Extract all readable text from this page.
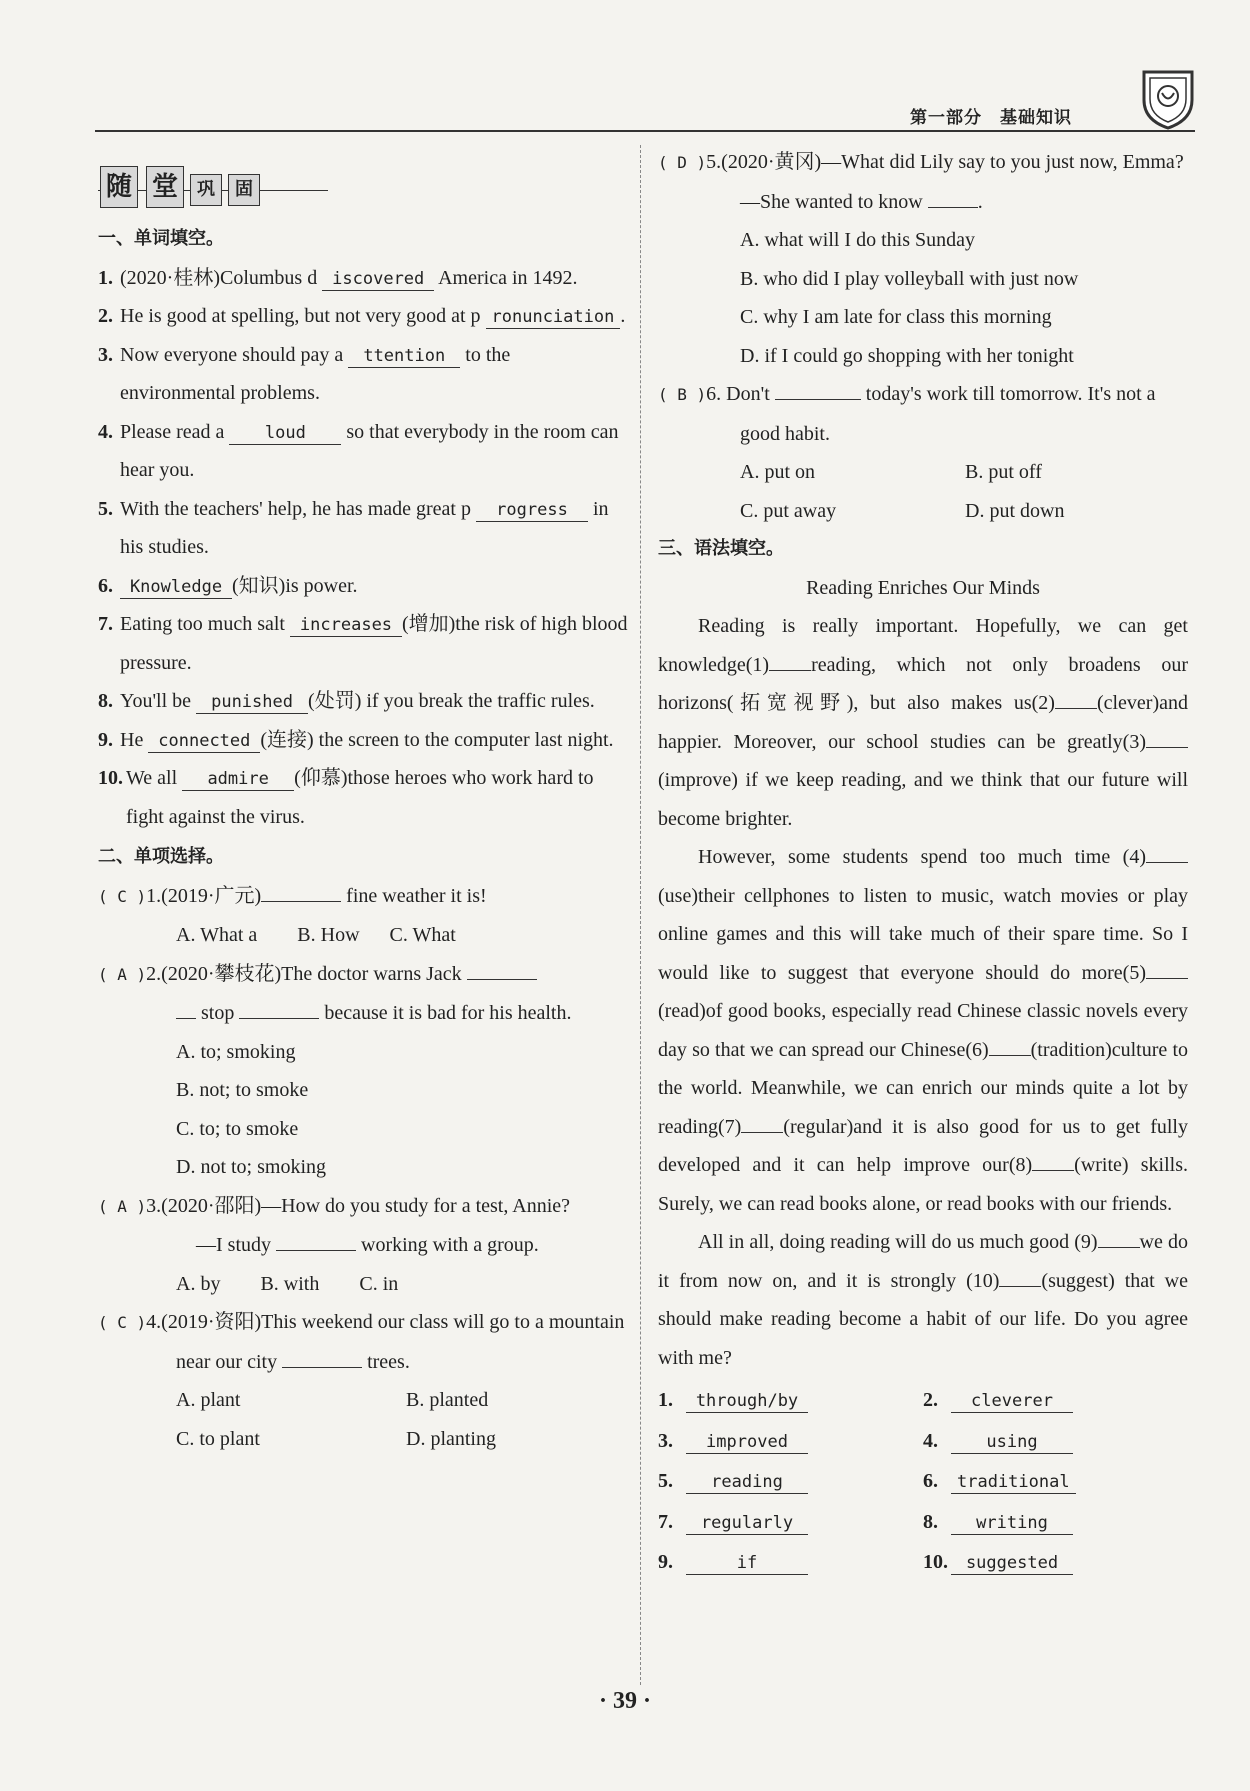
第一部分　基础知识
随 堂	巩	固
一、单词填空。
1. (2020·桂林)Columbus d iscovered America in 1492.
2. He is good at spelling, but not very good at p ronunciation .
3. Now everyone should pay a ttention to the environmental problems.
4. Please read a loud so that everybody in the room can hear you.
5. With the teachers' help, he has made great p rogress in his studies.
6. Knowledge (知识)is power.
7. Eating too much salt increases (增加)the risk of high blood pressure.
8. You'll be punished (处罚) if you break the traffic rules.
9. He connected (连接) the screen to the computer last night.
10. We all admire (仰慕)those heroes who work hard to fight against the virus.
二、单项选择。
( C )1.(2019·广元)	fine weather it is!
A. What a B. How C. What
( A )2.(2020·攀枝花)The doctor warns Jack
stop	because it is bad for his health.
A. to; smoking
B. not; to smoke
C. to; to smoke
D. not to; smoking
( A )3.(2020·邵阳)—How do you study for a test, Annie?
—I study	working with a group.
A. by B. with C. in
( C )4.(2019·资阳)This weekend our class will go to a mountain near our city	trees.
A. plant	B. planted
C. to plant	D. planting
( D )5.(2020·黄冈)—What did Lily say to you just now, Emma?
—She wanted to know	.
A. what will I do this Sunday
B. who did I play volleyball with just now
C. why I am late for class this morning
D. if I could go shopping with her tonight
( B )6. Don't	today's work till tomorrow. It's not a good habit.
A. put on	B. put off
C. put away	D. put down
三、语法填空。
Reading Enriches Our Minds
Reading is really important. Hopefully, we can get knowledge(1) reading, which not only broadens our horizons(拓宽视野), but also makes us(2) (clever)and happier. Moreover, our school studies can be greatly(3)(improve) if we keep reading, and we think that our future will become brighter.
However, some students spend too much time (4)(use)their cellphones to listen to music, watch movies or play online games and this will take much of their spare time. So I would like to suggest that everyone should do more(5)(read)of good books, especially read Chinese classic novels every day so that we can spread our Chinese(6) (tradition)culture to the world. Meanwhile, we can enrich our minds quite a lot by reading(7) (regular)and it is also good for us to get fully developed and it can help improve our(8) (write) skills. Surely, we can read books alone, or read books with our friends.
All in all, doing reading will do us much good (9) we do it from now on, and it is strongly (10) (suggest) that we should make reading become a habit of our life. Do you agree with me?
1. through/by	2. cleverer
3. improved	4.	using
5. reading	6. traditional
7. regularly	8. writing
9.	if	10. suggested
· 39 ·
